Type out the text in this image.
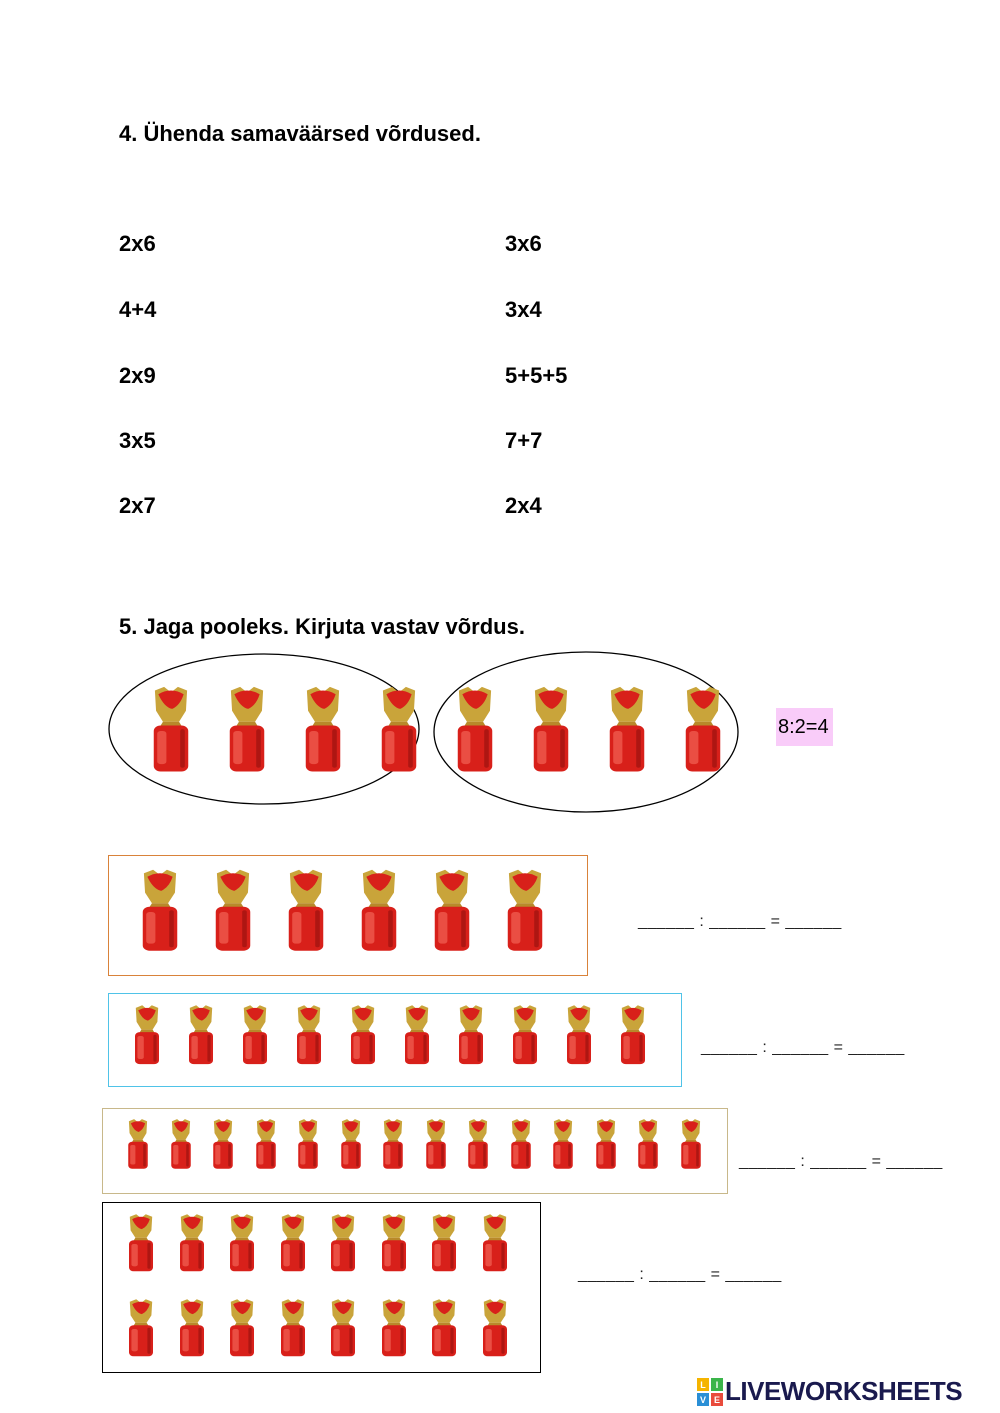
4. Ühenda samaväärsed võrdused.
2x6
4+4
2x9
3x5
2x7
3x6
3x4
5+5+5
7+7
2x4
5. Jaga pooleks. Kirjuta vastav võrdus.
8:2=4
______ : ______ = ______
______ : ______ = ______
______ : ______ = ______
______ : ______ = ______
L I
V E LIVEWORKSHEETS
